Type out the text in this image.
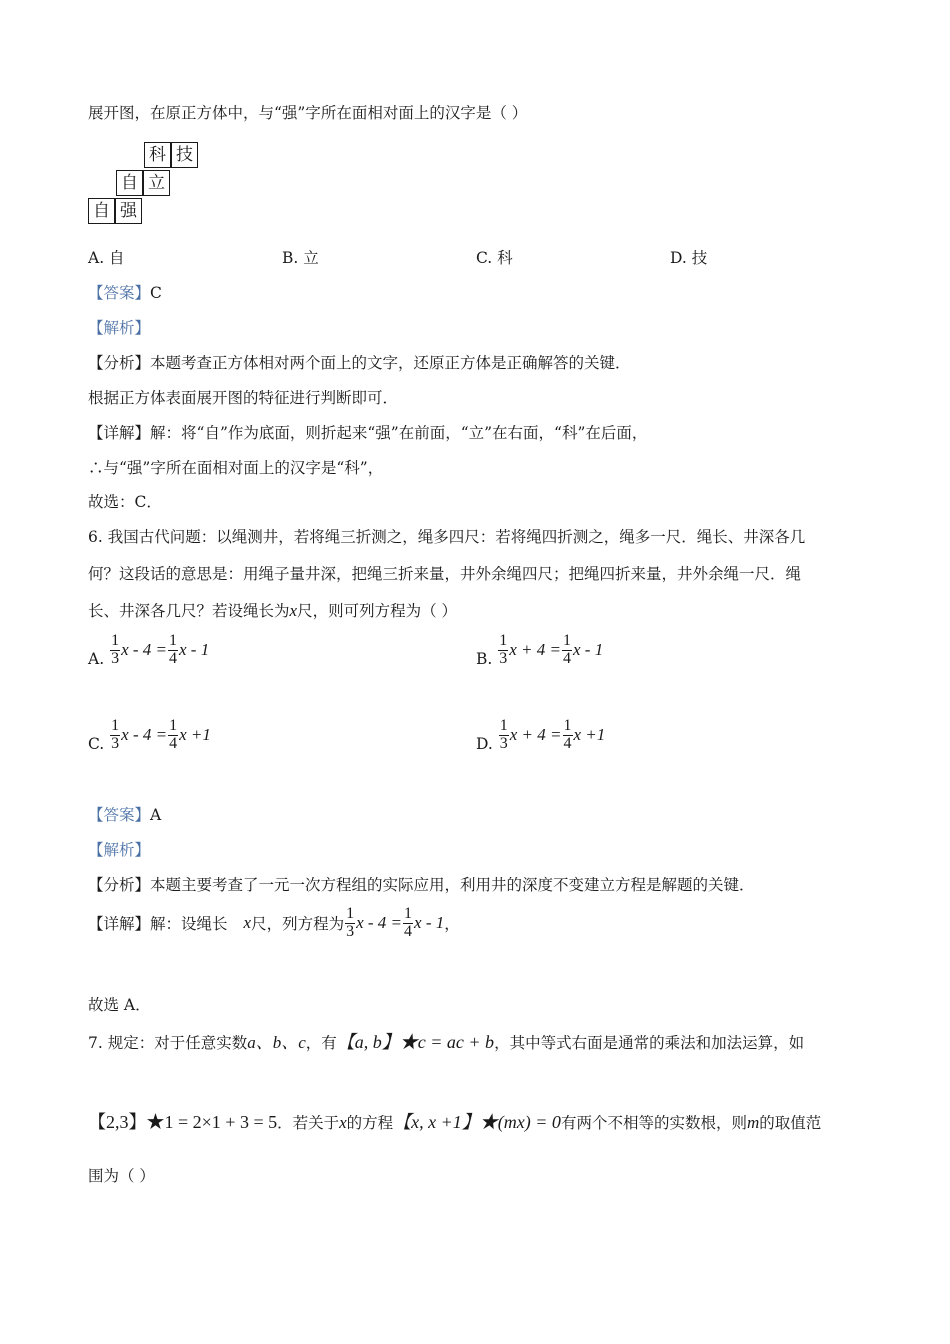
展开图，在原正方体中，与“强”字所在面相对面上的汉字是（ ）
科 技
自 立
自 强
A. 自	B. 立	C. 科	D. 技
【答案】C
【解析】
【分析】本题考查正方体相对两个面上的文字，还原正方体是正确解答的关键．
根据正方体表面展开图的特征进行判断即可．
【详解】解：将“自”作为底面，则折起来“强”在前面，“立”在右面，“科”在后面，
∴与“强”字所在面相对面上的汉字是“科”，
故选：C．
6. 我国古代问题：以绳测井，若将绳三折测之，绳多四尺：若将绳四折测之，绳多一尺．绳长、井深各几
何？这段话的意思是：用绳子量井深，把绳三折来量，井外余绳四尺；把绳四折来量，井外余绳一尺．绳
长、井深各几尺？若设绳长为x尺，则可列方程为（ ）
A. $\frac{1}{3}$ $x - 4 = \frac{1}{4}$ x - 1	B. $\frac{1}{3}$ $x + 4 = \frac{1}{4}$ x - 1
C. $\frac{1}{3}$ $x - 4 = \frac{1}{4}$ x +1	D. $\frac{1}{3}$ $x + 4 = \frac{1}{4}$ x +1
【答案】A
【解析】
【分析】本题主要考查了一元一次方程组的实际应用，利用井的深度不变建立方程是解题的关键．
【详解】解：设绳长 x尺，列方程为 $\frac{1}{3}$ $x - 4 = \frac{1}{4}$ x - 1，
故选 A．
7. 规定：对于任意实数a、b、c，有【a, b】★c = ac + b，其中等式右面是通常的乘法和加法运算，如
【2,3】★1 = 2×1 + 3 = 5．若关于x的方程【x, x +1】★(mx) = 0有两个不相等的实数根，则m的取值范
围为（ ）
